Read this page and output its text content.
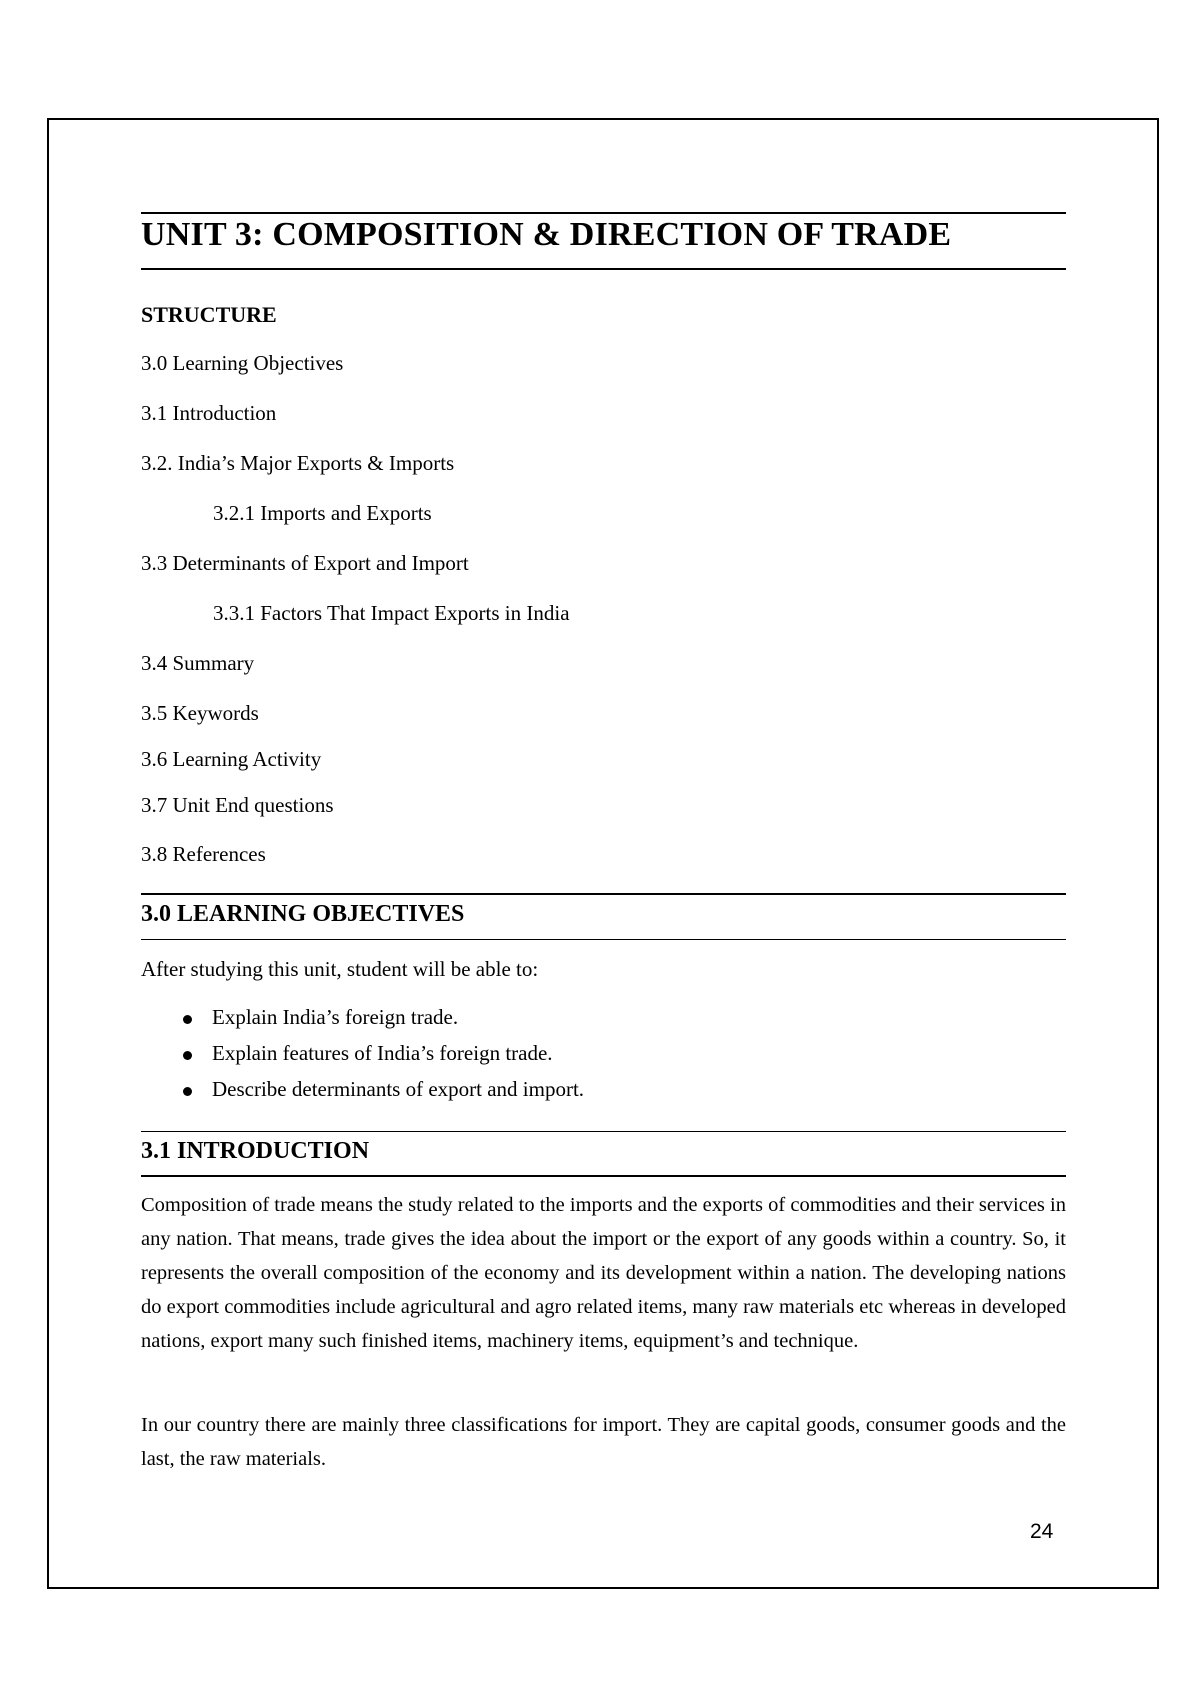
UNIT 3: COMPOSITION & DIRECTION OF TRADE
STRUCTURE
3.0 Learning Objectives
3.1 Introduction
3.2. India’s Major Exports & Imports
3.2.1 Imports and Exports
3.3 Determinants of Export and Import
3.3.1 Factors That Impact Exports in India
3.4 Summary
3.5 Keywords
3.6 Learning Activity
3.7 Unit End questions
3.8 References
3.0 LEARNING OBJECTIVES
After studying this unit, student will be able to:
Explain India’s foreign trade.
Explain features of India’s foreign trade.
Describe determinants of export and import.
3.1 INTRODUCTION
Composition of trade means the study related to the imports and the exports of commodities and their services in any nation. That means, trade gives the idea about the import or the export of any goods within a country. So, it represents the overall composition of the economy and its development within a nation. The developing nations do export commodities include agricultural and agro related items, many raw materials etc whereas in developed nations, export many such finished items, machinery items, equipment’s and technique.
In our country there are mainly three classifications for import. They are capital goods, consumer goods and the last, the raw materials.
24
